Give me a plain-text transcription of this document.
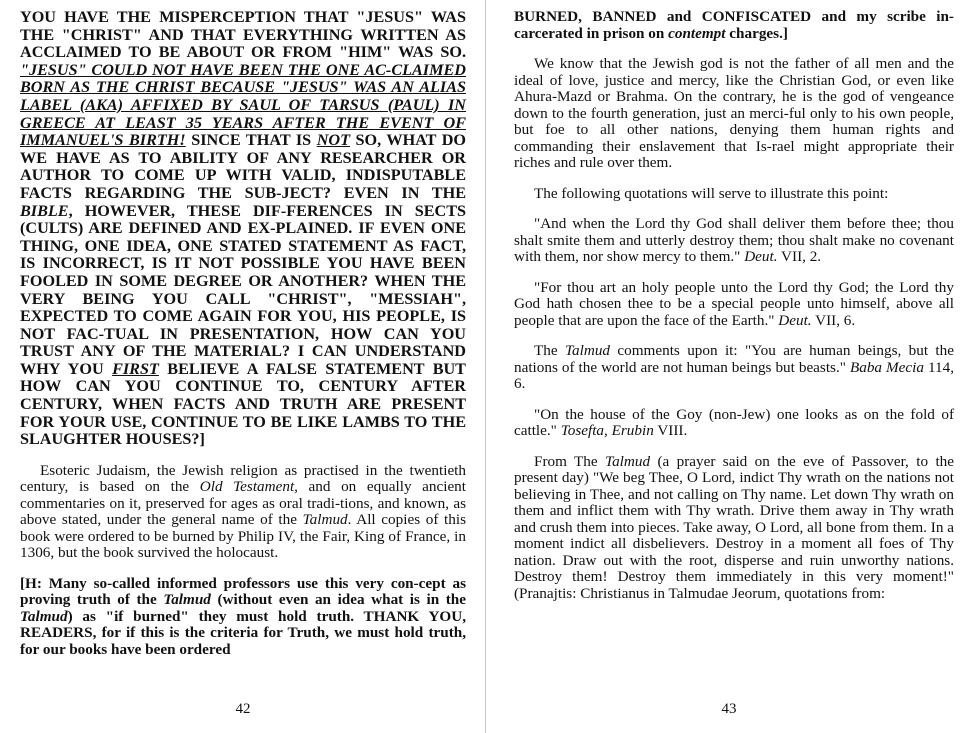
YOU HAVE THE MISPERCEPTION THAT "JESUS" WAS THE "CHRIST" AND THAT EVERYTHING WRITTEN AS ACCLAIMED TO BE ABOUT OR FROM "HIM" WAS SO. "JESUS" COULD NOT HAVE BEEN THE ONE AC-CLAIMED BORN AS THE CHRIST BECAUSE "JESUS" WAS AN ALIAS LABEL (AKA) AFFIXED BY SAUL OF TARSUS (PAUL) IN GREECE AT LEAST 35 YEARS AFTER THE EVENT OF IMMANUEL'S BIRTH! SINCE THAT IS NOT SO, WHAT DO WE HAVE AS TO ABILITY OF ANY RESEARCHER OR AUTHOR TO COME UP WITH VALID, INDISPUTABLE FACTS REGARDING THE SUB-JECT? EVEN IN THE BIBLE, HOWEVER, THESE DIF-FERENCES IN SECTS (CULTS) ARE DEFINED AND EX-PLAINED. IF EVEN ONE THING, ONE IDEA, ONE STATED STATEMENT AS FACT, IS INCORRECT, IS IT NOT POSSIBLE YOU HAVE BEEN FOOLED IN SOME DEGREE OR ANOTHER? WHEN THE VERY BEING YOU CALL "CHRIST", "MESSIAH", EXPECTED TO COME AGAIN FOR YOU, HIS PEOPLE, IS NOT FAC-TUAL IN PRESENTATION, HOW CAN YOU TRUST ANY OF THE MATERIAL? I CAN UNDERSTAND WHY YOU FIRST BELIEVE A FALSE STATEMENT BUT HOW CAN YOU CONTINUE TO, CENTURY AFTER CENTURY, WHEN FACTS AND TRUTH ARE PRESENT FOR YOUR USE, CONTINUE TO BE LIKE LAMBS TO THE SLAUGHTER HOUSES?]

Esoteric Judaism, the Jewish religion as practised in the twentieth century, is based on the Old Testament, and on equally ancient commentaries on it, preserved for ages as oral tradi-tions, and known, as above stated, under the general name of the Talmud. All copies of this book were ordered to be burned by Philip IV, the Fair, King of France, in 1306, but the book survived the holocaust.

[H: Many so-called informed professors use this very con-cept as proving truth of the Talmud (without even an idea what is in the Talmud) as "if burned" they must hold truth. THANK YOU, READERS, for if this is the criteria for Truth, we must hold truth, for our books have been ordered

42

BURNED, BANNED and CONFISCATED and my scribe in-carcerated in prison on contempt charges.]

We know that the Jewish god is not the father of all men and the ideal of love, justice and mercy, like the Christian God, or even like Ahura-Mazd or Brahma. On the contrary, he is the god of vengeance down to the fourth generation, just an merci-ful only to his own people, but foe to all other nations, denying them human rights and commanding their enslavement that Is-rael might appropriate their riches and rule over them.

The following quotations will serve to illustrate this point:

"And when the Lord thy God shall deliver them before thee; thou shalt smite them and utterly destroy them; thou shalt make no covenant with them, nor show mercy to them." Deut. VII, 2.

"For thou art an holy people unto the Lord thy God; the Lord thy God hath chosen thee to be a special people unto himself, above all people that are upon the face of the Earth." Deut. VII, 6.

The Talmud comments upon it: "You are human beings, but the nations of the world are not human beings but beasts." Baba Mecia 114, 6.

"On the house of the Goy (non-Jew) one looks as on the fold of cattle." Tosefta, Erubin VIII.

From The Talmud (a prayer said on the eve of Passover, to the present day) "We beg Thee, O Lord, indict Thy wrath on the nations not believing in Thee, and not calling on Thy name. Let down Thy wrath on them and inflict them with Thy wrath. Drive them away in Thy wrath and crush them into pieces. Take away, O Lord, all bone from them. In a moment indict all disbelievers. Destroy in a moment all foes of Thy nation. Draw out with the root, disperse and ruin unworthy nations. Destroy them! Destroy them immediately in this very moment!" (Pranajtis: Christianus in Talmudae Jeorum, quotations from:

43
